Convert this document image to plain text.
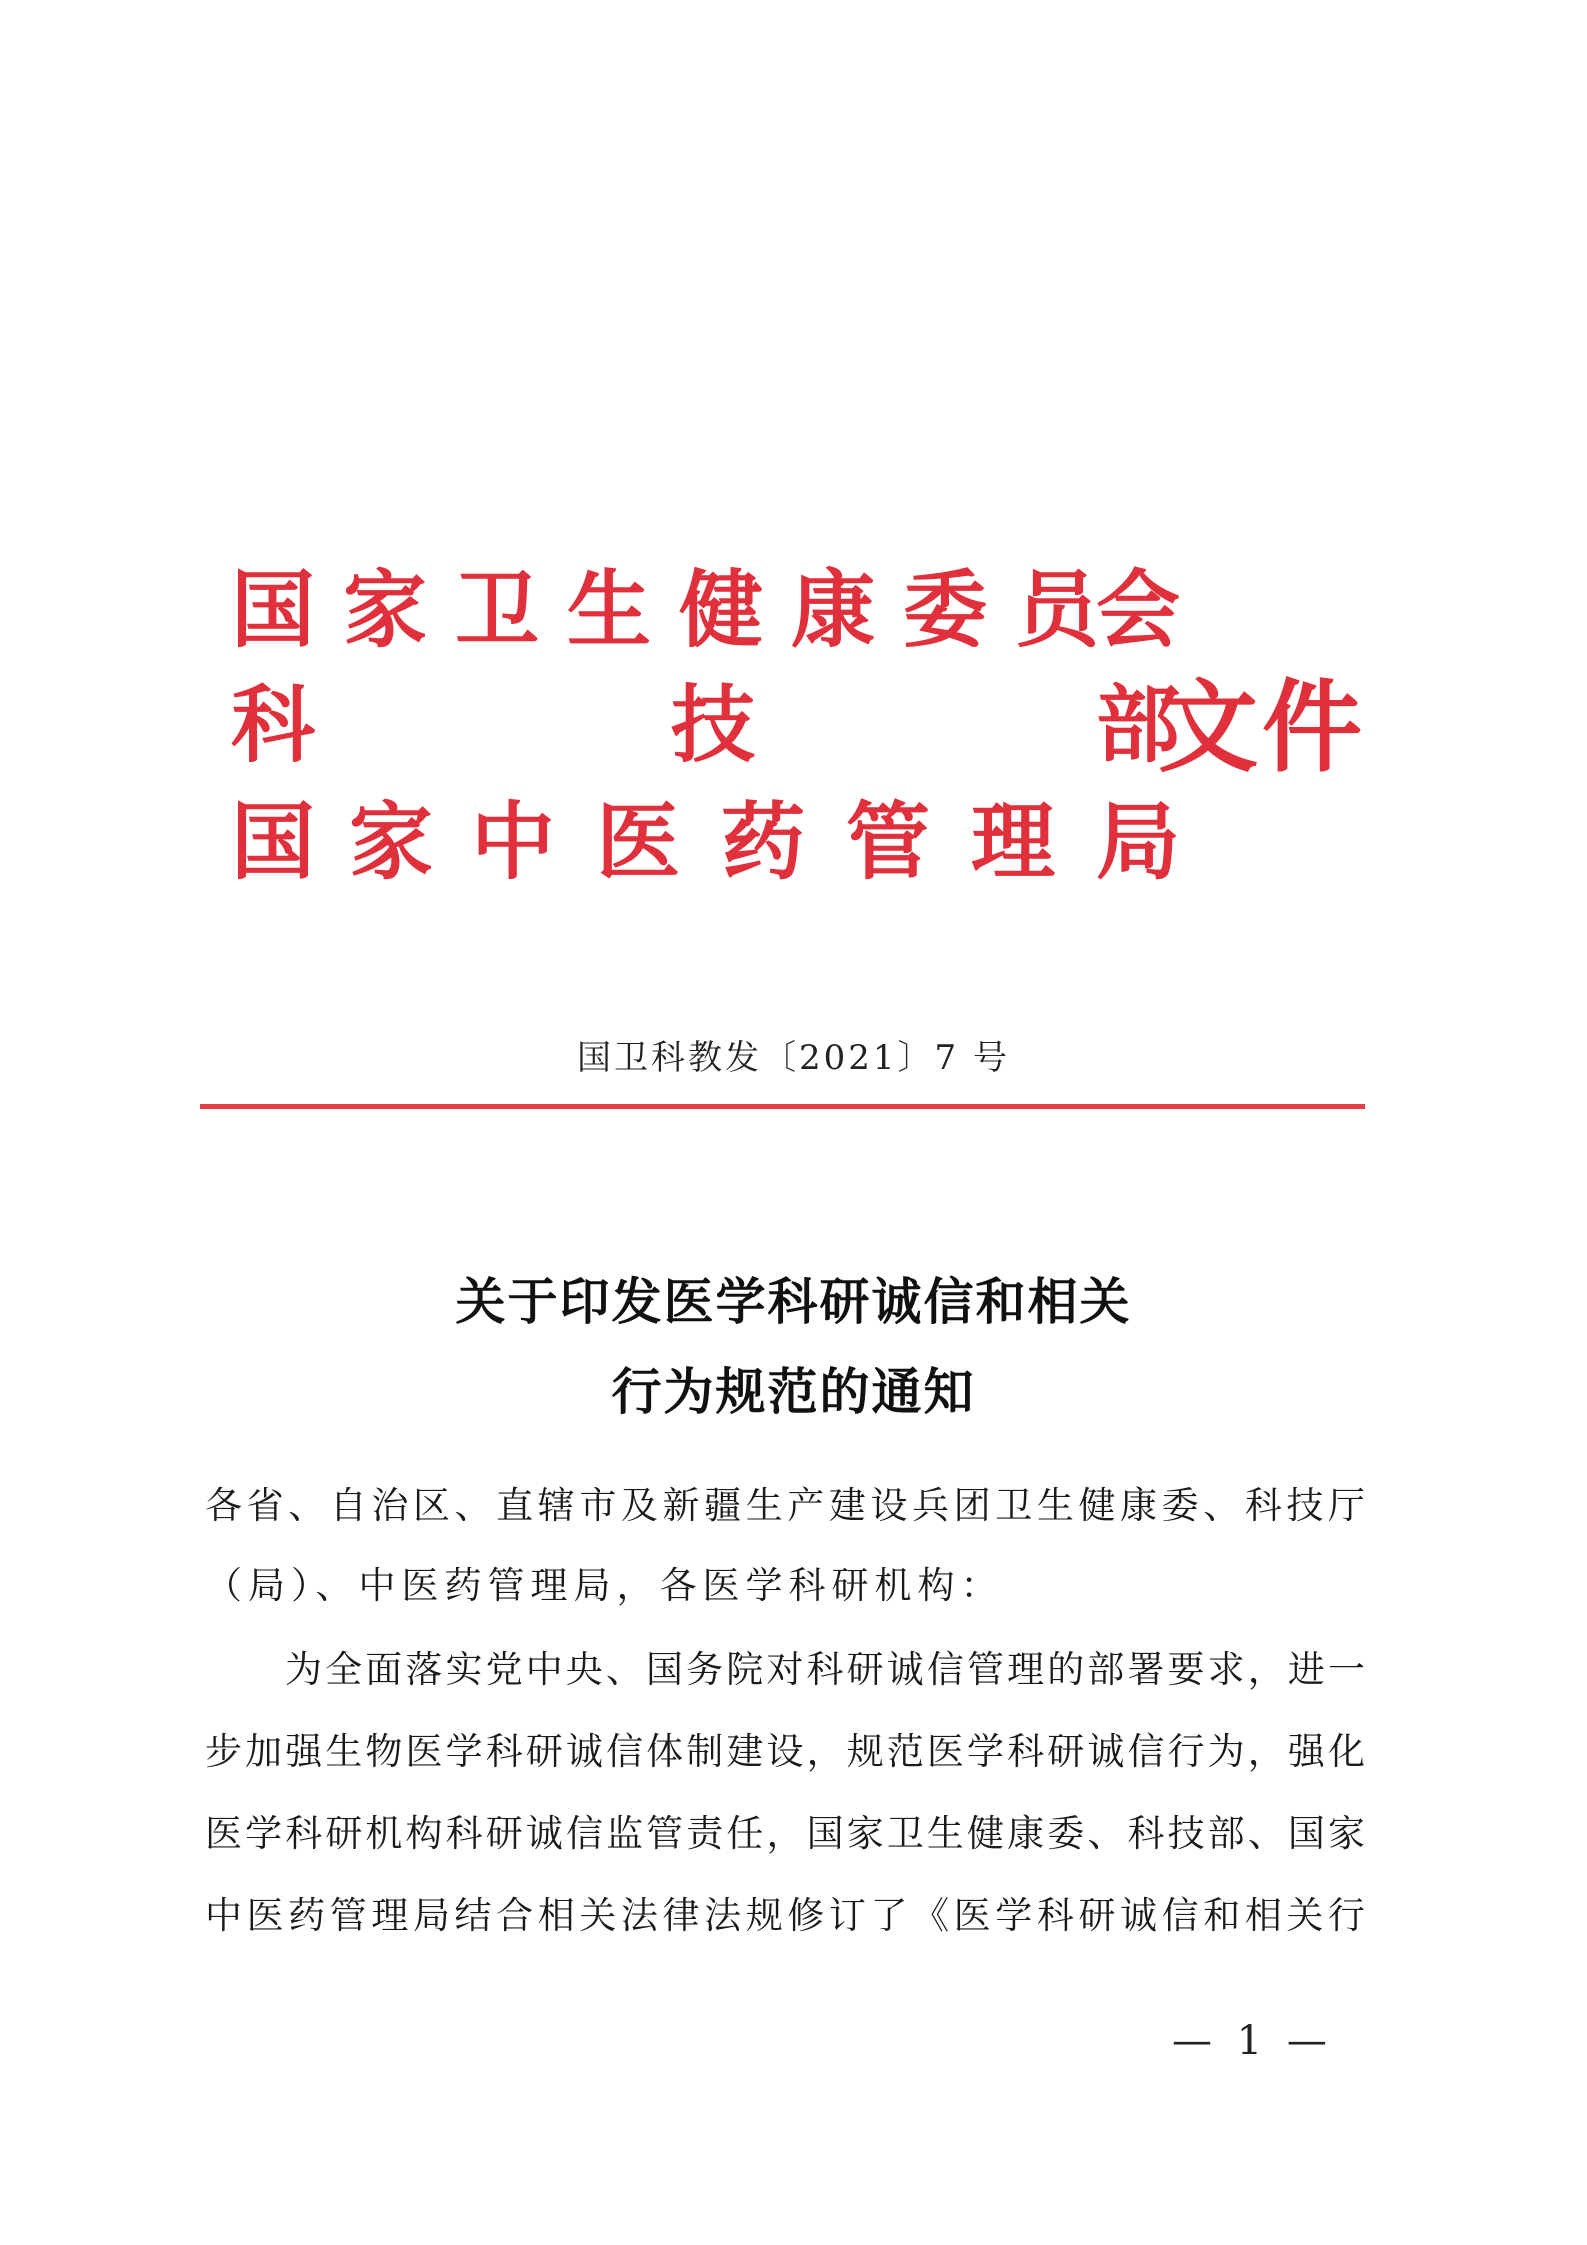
国 家 卫 生 健 康 委 员
会
科	技	部
国 家 中 医 药 管 理 局
文件
国卫科教发〔2021〕7 号
关于印发医学科研诚信和相关
行为规范的通知
各省、自治区、直辖市及新疆生产建设兵团卫生健康委、科技厅
（局）、中医药管理局，各医学科研机构：
为全面落实党中央、国务院对科研诚信管理的部署要求，进一
步加强生物医学科研诚信体制建设，规范医学科研诚信行为，强化
医学科研机构科研诚信监管责任，国家卫生健康委、科技部、国家
中医药管理局结合相关法律法规修订了《医学科研诚信和相关行
— 1 —
